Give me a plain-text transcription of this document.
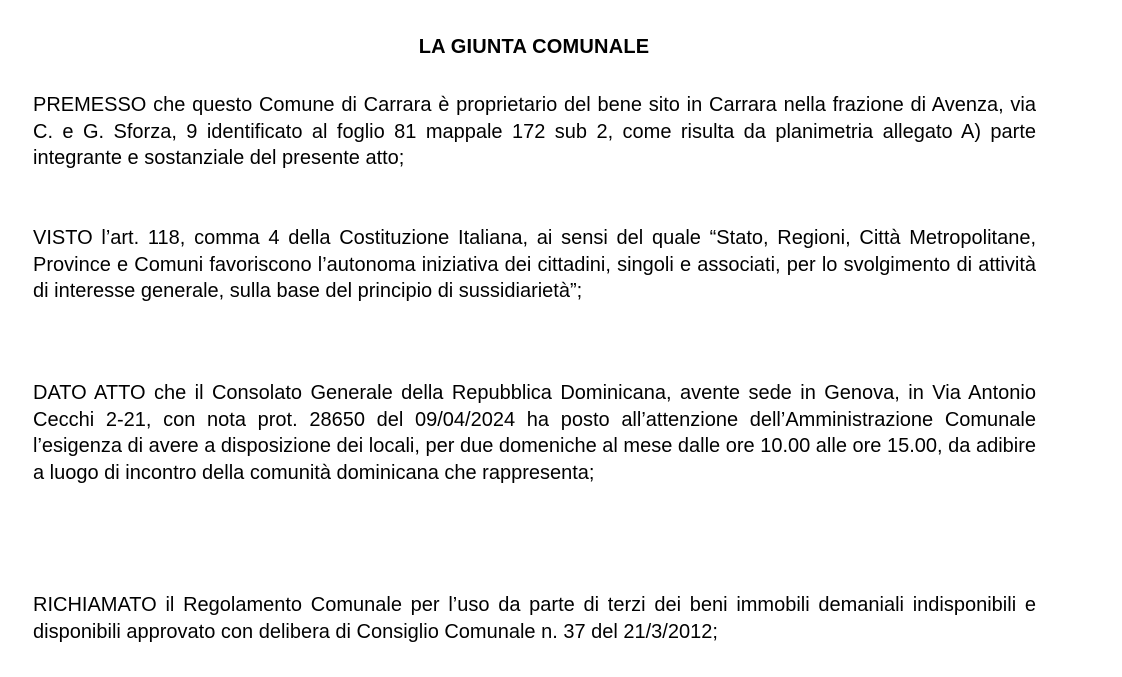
LA GIUNTA COMUNALE

PREMESSO che questo Comune di Carrara è proprietario del bene sito in Carrara nella frazione di Avenza, via C. e G. Sforza, 9 identificato al foglio 81 mappale 172 sub 2, come risulta da planimetria allegato A) parte integrante e sostanziale del presente atto;

VISTO l’art. 118, comma 4 della Costituzione Italiana, ai sensi del quale “Stato, Regioni, Città Metropolitane, Province e Comuni favoriscono l’autonoma iniziativa dei cittadini, singoli e associati, per lo svolgimento di attività di interesse generale, sulla base del principio di sussidiarietà”;

DATO ATTO che il Consolato Generale della Repubblica Dominicana, avente sede in Genova, in Via Antonio Cecchi 2-21, con nota prot. 28650 del 09/04/2024 ha posto all’attenzione dell’Amministrazione Comunale l’esigenza di avere a disposizione dei locali, per due domeniche al mese dalle ore 10.00 alle ore 15.00, da adibire a luogo di incontro della comunità dominicana che rappresenta;

RICHIAMATO il Regolamento Comunale per l’uso da parte di terzi dei beni immobili demaniali indisponibili e disponibili approvato con delibera di Consiglio Comunale n. 37 del 21/3/2012;
